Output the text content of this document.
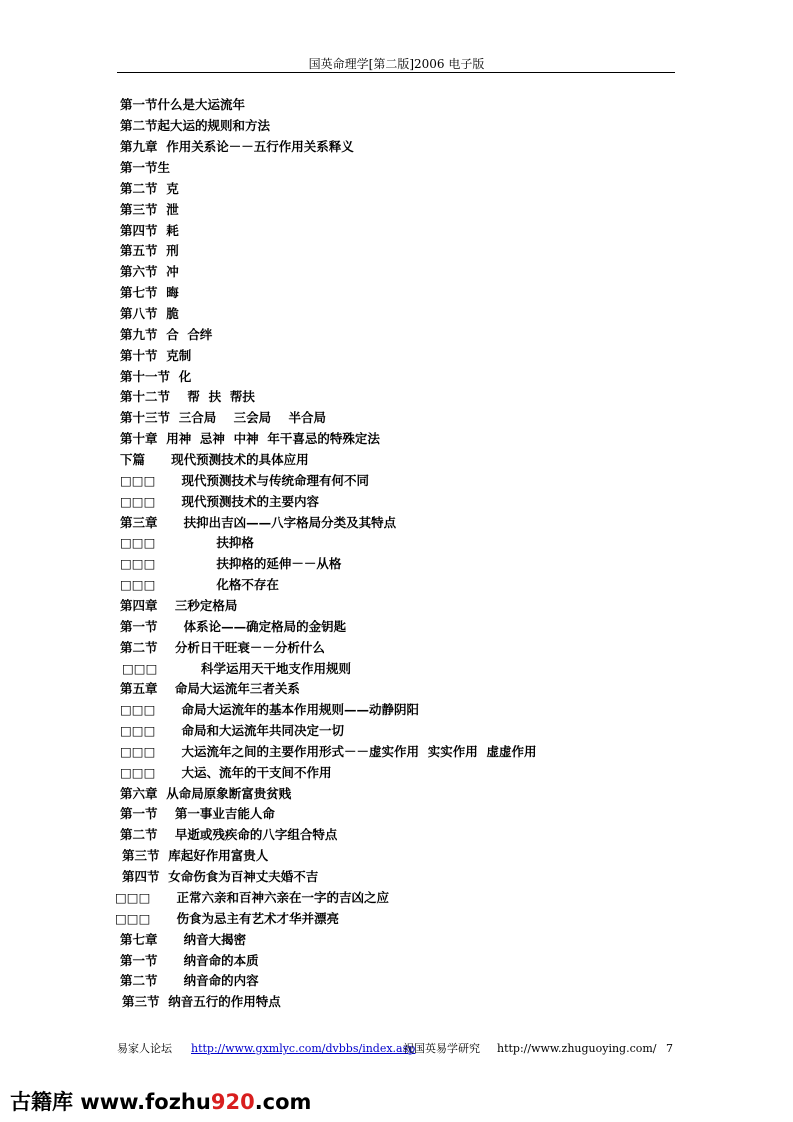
国英命理学[第二版]2006 电子版
第一节什么是大运流年
第二节起大运的规则和方法
第九章  作用关系论－－五行作用关系释义
第一节生
第二节  克
第三节  泄
第四节  耗
第五节  刑
第六节  冲
第七节  晦
第八节  脆
第九节  合  合绊
第十节  克制
第十一节  化
第十二节    帮  扶  帮扶
第十三节  三合局    三会局    半合局
第十章  用神  忌神  中神  年干喜忌的特殊定法
下篇      现代预测技术的具体应用
□□□      现代预测技术与传统命理有何不同
□□□      现代预测技术的主要内容
第三章      扶抑出吉凶——八字格局分类及其特点
□□□              扶抑格
□□□              扶抑格的延伸－－从格
□□□              化格不存在
第四章    三秒定格局
第一节      体系论——确定格局的金钥匙
第二节    分析日干旺衰－－分析什么
□□□          科学运用天干地支作用规则
第五章    命局大运流年三者关系
□□□      命局大运流年的基本作用规则——动静阴阳
□□□      命局和大运流年共同决定一切
□□□      大运流年之间的主要作用形式－－虚实作用  实实作用  虚虚作用
□□□      大运、流年的干支间不作用
第六章  从命局原象断富贵贫贱
第一节    第一事业吉能人命
第二节    早逝或残疾命的八字组合特点
第三节  库起好作用富贵人
第四节  女命伤食为百神丈夫婚不吉
□□□      正常六亲和百神六亲在一字的吉凶之应
□□□      伤食为忌主有艺术才华并漂亮
第七章      纳音大揭密
第一节      纳音命的本质
第二节      纳音命的内容
第三节  纳音五行的作用特点
易家人论坛 http://www.gxmlyc.com/dvbbs/index.asp
祝国英易学研究 http://www.zhuguoying.com/ 7
古籍库 www.fozhu920.com
